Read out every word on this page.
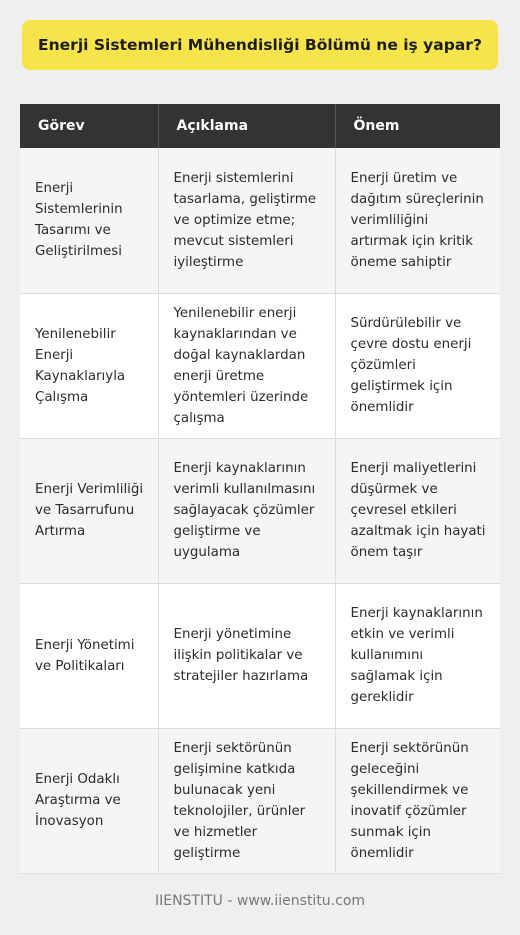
Enerji Sistemleri Mühendisliği Bölümü ne iş yapar?
Görev	Açıklama	Önem
Enerji Sistemlerinin Tasarımı ve Geliştirilmesi	Enerji sistemlerini tasarlama, geliştirme ve optimize etme; mevcut sistemleri iyileştirme	Enerji üretim ve dağıtım süreçlerinin verimliliğini artırmak için kritik öneme sahiptir
Yenilenebilir Enerji Kaynaklarıyla Çalışma	Yenilenebilir enerji kaynaklarından ve doğal kaynaklardan enerji üretme yöntemleri üzerinde çalışma	Sürdürülebilir ve çevre dostu enerji çözümleri geliştirmek için önemlidir
Enerji Verimliliği ve Tasarrufunu Artırma	Enerji kaynaklarının verimli kullanılmasını sağlayacak çözümler geliştirme ve uygulama	Enerji maliyetlerini düşürmek ve çevresel etkileri azaltmak için hayati önem taşır
Enerji Yönetimi ve Politikaları	Enerji yönetimine ilişkin politikalar ve stratejiler hazırlama	Enerji kaynaklarının etkin ve verimli kullanımını sağlamak için gereklidir
Enerji Odaklı Araştırma ve İnovasyon	Enerji sektörünün gelişimine katkıda bulunacak yeni teknolojiler, ürünler ve hizmetler geliştirme	Enerji sektörünün geleceğini şekillendirmek ve inovatif çözümler sunmak için önemlidir
IIENSTITU - www.iienstitu.com
